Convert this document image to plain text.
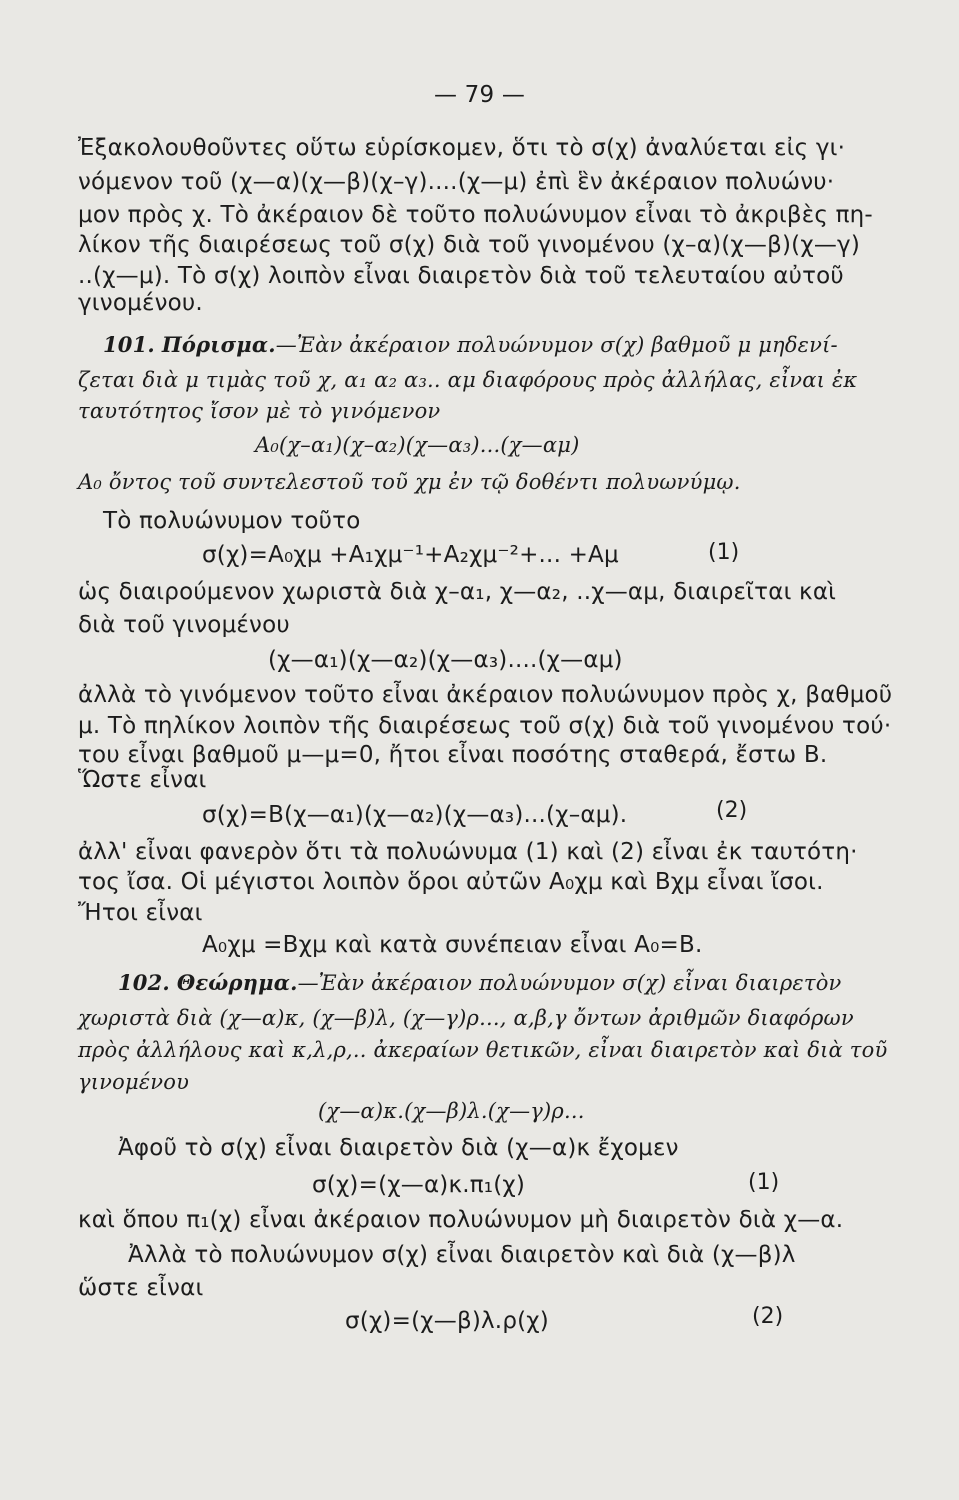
— 79 —
Ἐξακολουθοῦντες οὕτω εὑρίσκομεν, ὅτι τὸ σ(χ) ἀναλύεται εἰς γι·
νόμενον τοῦ (χ—α)(χ—β)(χ–γ)....(χ—μ) ἐπὶ ἓν ἀκέραιον πολυώνυ·
μον πρὸς χ. Τὸ ἀκέραιον δὲ τοῦτο πολυώνυμον εἶναι τὸ ἀκριβὲς πη-
λίκον τῆς διαιρέσεως τοῦ σ(χ) διὰ τοῦ γινομένου (χ–α)(χ—β)(χ—γ)
..(χ—μ). Τὸ σ(χ) λοιπὸν εἶναι διαιρετὸν διὰ τοῦ τελευταίου αὐτοῦ
γινομένου.
101. Πόρισμα.—Ἐὰν ἀκέραιον πολυώνυμον σ(χ) βαθμοῦ μ μηδενί-
ζεται διὰ μ τιμὰς τοῦ χ, α₁ α₂ α₃.. αμ διαφόρους πρὸς ἀλλήλας, εἶναι ἐκ
ταυτότητος ἴσον μὲ τὸ γινόμενον
A₀(χ–α₁)(χ–α₂)(χ—α₃)...(χ—αμ)
A₀ ὄντος τοῦ συντελεστοῦ τοῦ χμ ἐν τῷ δοθέντι πολυωνύμῳ.
Τὸ πολυώνυμον τοῦτο
σ(χ)=A₀χμ +A₁χμ⁻¹+A₂χμ⁻²+... +Aμ	(1)
ὡς διαιρούμενον χωριστὰ διὰ χ–α₁, χ—α₂, ..χ—αμ, διαιρεῖται καὶ
διὰ τοῦ γινομένου
(χ—α₁)(χ—α₂)(χ—α₃)....(χ—αμ)
ἀλλὰ τὸ γινόμενον τοῦτο εἶναι ἀκέραιον πολυώνυμον πρὸς χ, βαθμοῦ
μ. Τὸ πηλίκον λοιπὸν τῆς διαιρέσεως τοῦ σ(χ) διὰ τοῦ γινομένου τού·
του εἶναι βαθμοῦ μ—μ=0, ἤτοι εἶναι ποσότης σταθερά, ἔστω B.
Ὥστε εἶναι
σ(χ)=B(χ—α₁)(χ—α₂)(χ—α₃)...(χ–αμ).	(2)
ἀλλ' εἶναι φανερὸν ὅτι τὰ πολυώνυμα (1) καὶ (2) εἶναι ἐκ ταυτότη·
τος ἴσα. Οἱ μέγιστοι λοιπὸν ὅροι αὐτῶν A₀χμ καὶ Bχμ εἶναι ἴσοι.
Ἤτοι εἶναι
A₀χμ =Bχμ καὶ κατὰ συνέπειαν εἶναι A₀=B.
102. Θεώρημα.—Ἐὰν ἀκέραιον πολυώνυμον σ(χ) εἶναι διαιρετὸν
χωριστὰ διὰ (χ—α)κ, (χ—β)λ, (χ—γ)ρ..., α,β,γ ὄντων ἀριθμῶν διαφόρων
πρὸς ἀλλήλους καὶ κ,λ,ρ,.. ἀκεραίων θετικῶν, εἶναι διαιρετὸν καὶ διὰ τοῦ
γινομένου
(χ—α)κ.(χ—β)λ.(χ—γ)ρ...
Ἀφοῦ τὸ σ(χ) εἶναι διαιρετὸν διὰ (χ—α)κ ἔχομεν
σ(χ)=(χ—α)κ.π₁(χ)	(1)
καὶ ὅπου π₁(χ) εἶναι ἀκέραιον πολυώνυμον μὴ διαιρετὸν διὰ χ—α.
Ἀλλὰ τὸ πολυώνυμον σ(χ) εἶναι διαιρετὸν καὶ διὰ (χ—β)λ
ὥστε εἶναι
σ(χ)=(χ—β)λ.ρ(χ)	(2)
